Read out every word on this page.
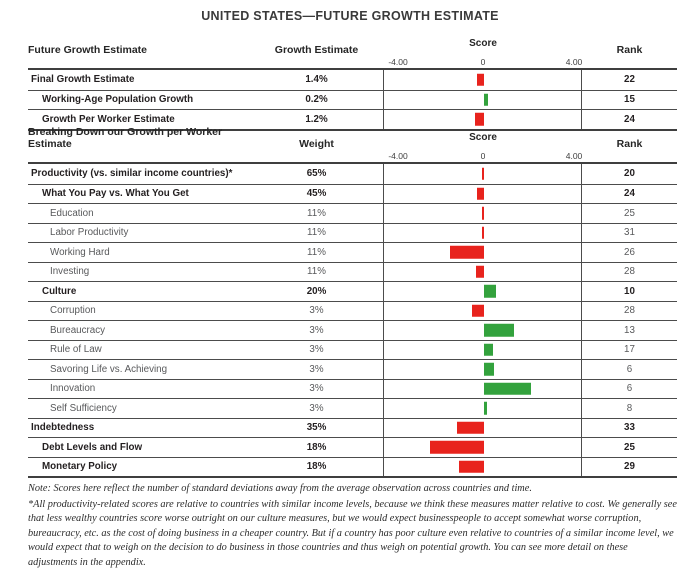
UNITED STATES—FUTURE GROWTH ESTIMATE
Future Growth Estimate	Growth Estimate
Score
-4.00	0	4.00
Rank
Final Growth Estimate	1.4%	22
Working-Age Population Growth	0.2%	15
Growth Per Worker Estimate	1.2%	24
Breaking Down our Growth per Worker Estimate	Weight
Score
-4.00	0	4.00
Rank
Productivity (vs. similar income countries)*	65%	20
What You Pay vs. What You Get	45%	24
Education	11%	25
Labor Productivity	11%	31
Working Hard	11%	26
Investing	11%	28
Culture	20%	10
Corruption	3%	28
Bureaucracy	3%	13
Rule of Law	3%	17
Savoring Life vs. Achieving	3%	6
Innovation	3%	6
Self Sufficiency	3%	8
Indebtedness	35%	33
Debt Levels and Flow	18%	25
Monetary Policy	18%	29

Note: Scores here reflect the number of standard deviations away from the average observation across countries and time.

*All productivity-related scores are relative to countries with similar income levels, because we think these measures matter relative to cost. We generally see that less wealthy countries score worse outright on our culture measures, but we would expect businesspeople to accept somewhat worse corruption, bureaucracy, etc. as the cost of doing business in a cheaper country. But if a country has poor culture even relative to countries of a similar income level, we would expect that to weigh on the decision to do business in those countries and thus weigh on potential growth. You can see more detail on these adjustments in the appendix.
